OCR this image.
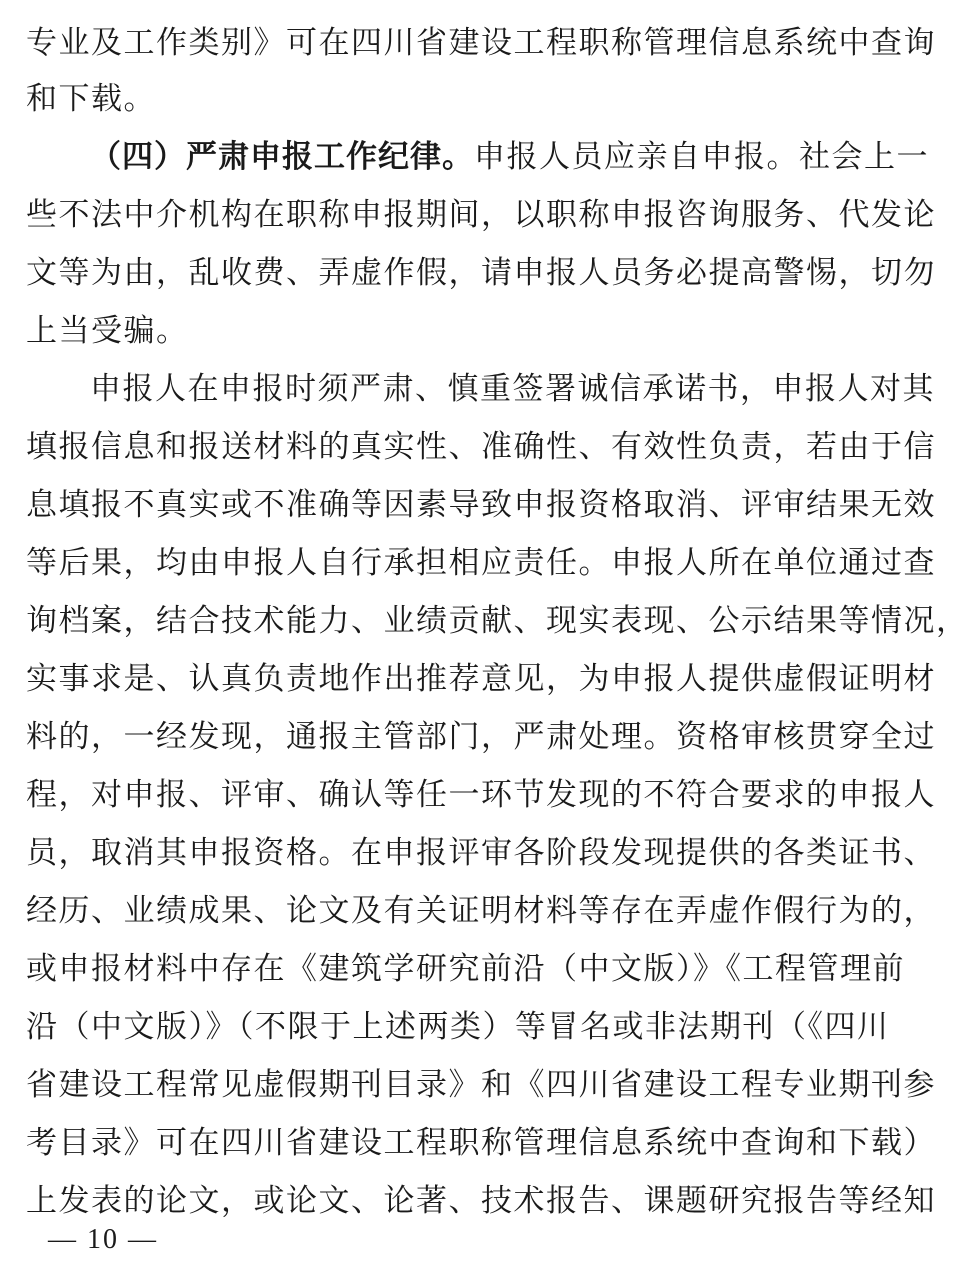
专业及工作类别》可在四川省建设工程职称管理信息系统中查询
和下载。
（四）严肃申报工作纪律。申报人员应亲自申报。社会上一
些不法中介机构在职称申报期间，以职称申报咨询服务、代发论
文等为由，乱收费、弄虚作假，请申报人员务必提高警惕，切勿
上当受骗。
申报人在申报时须严肃、慎重签署诚信承诺书，申报人对其
填报信息和报送材料的真实性、准确性、有效性负责，若由于信
息填报不真实或不准确等因素导致申报资格取消、评审结果无效
等后果，均由申报人自行承担相应责任。申报人所在单位通过查
询档案，结合技术能力、业绩贡献、现实表现、公示结果等情况，
实事求是、认真负责地作出推荐意见，为申报人提供虚假证明材
料的，一经发现，通报主管部门，严肃处理。资格审核贯穿全过
程，对申报、评审、确认等任一环节发现的不符合要求的申报人
员，取消其申报资格。在申报评审各阶段发现提供的各类证书、
经历、业绩成果、论文及有关证明材料等存在弄虚作假行为的，
或申报材料中存在《建筑学研究前沿（中文版）》《工程管理前
沿（中文版）》（不限于上述两类）等冒名或非法期刊（《四川
省建设工程常见虚假期刊目录》和《四川省建设工程专业期刊参
考目录》可在四川省建设工程职称管理信息系统中查询和下载）
上发表的论文，或论文、论著、技术报告、课题研究报告等经知
— 10 —
